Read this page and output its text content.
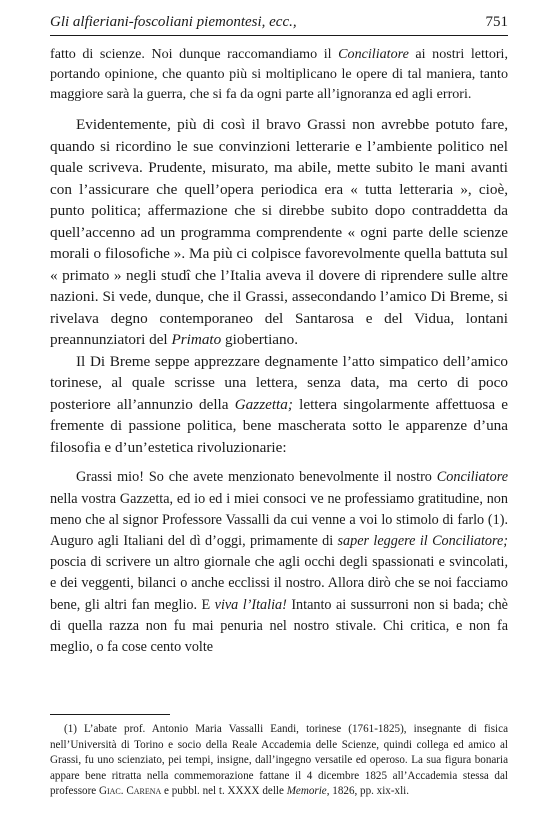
Gli alfieriani-foscoliani piemontesi, ecc.,	751

fatto di scienze. Noi dunque raccomandiamo il Conciliatore ai nostri lettori, portando opinione, che quanto più si moltiplicano le opere di tal maniera, tanto maggiore sarà la guerra, che si fa da ogni parte all’ignoranza ed agli errori.

Evidentemente, più di così il bravo Grassi non avrebbe potuto fare, quando si ricordino le sue convinzioni letterarie e l’ambiente politico nel quale scriveva. Prudente, misurato, ma abile, mette subito le mani avanti con l’assicurare che quell’opera periodica era « tutta letteraria », cioè, punto politica; affermazione che si direbbe subito dopo contraddetta da quell’accenno ad un programma comprendente « ogni parte delle scienze morali o filosofiche ». Ma più ci colpisce favorevolmente quella battuta sul « primato » negli studî che l’Italia aveva il dovere di riprendere sulle altre nazioni. Si vede, dunque, che il Grassi, assecondando l’amico Di Breme, si rivelava degno contemporaneo del Santarosa e del Vidua, lontani preannunziatori del Primato giobertiano.

Il Di Breme seppe apprezzare degnamente l’atto simpatico dell’amico torinese, al quale scrisse una lettera, senza data, ma certo di poco posteriore all’annunzio della Gazzetta; lettera singolarmente affettuosa e fremente di passione politica, bene mascherata sotto le apparenze d’una filosofia e d’un’estetica rivoluzionarie:

Grassi mio! So che avete menzionato benevolmente il nostro Conciliatore nella vostra Gazzetta, ed io ed i miei consoci ve ne professiamo gratitudine, non meno che al signor Professore Vassalli da cui venne a voi lo stimolo di farlo (1). Auguro agli Italiani del dì d’oggi, primamente di saper leggere il Conciliatore; poscia di scrivere un altro giornale che agli occhi degli spassionati e svincolati, e dei veggenti, bilanci o anche ecclissi il nostro. Allora dirò che se noi facciamo bene, gli altri fan meglio. E viva l’Italia! Intanto ai sussurroni non si bada; chè di quella razza non fu mai penuria nel nostro stivale. Chi critica, e non fa meglio, o fa cose cento volte

(1) L’abate prof. Antonio Maria Vassalli Eandi, torinese (1761-1825), insegnante di fisica nell’Università di Torino e socio della Reale Accademia delle Scienze, quindi collega ed amico al Grassi, fu uno scienziato, pei tempi, insigne, dall’ingegno versatile ed operoso. La sua figura bonaria appare bene ritratta nella commemorazione fattane il 4 dicembre 1825 all’Accademia stessa dal professore Giac. Carena e pubbl. nel t. XXXX delle Memorie, 1826, pp. xix-xli.
